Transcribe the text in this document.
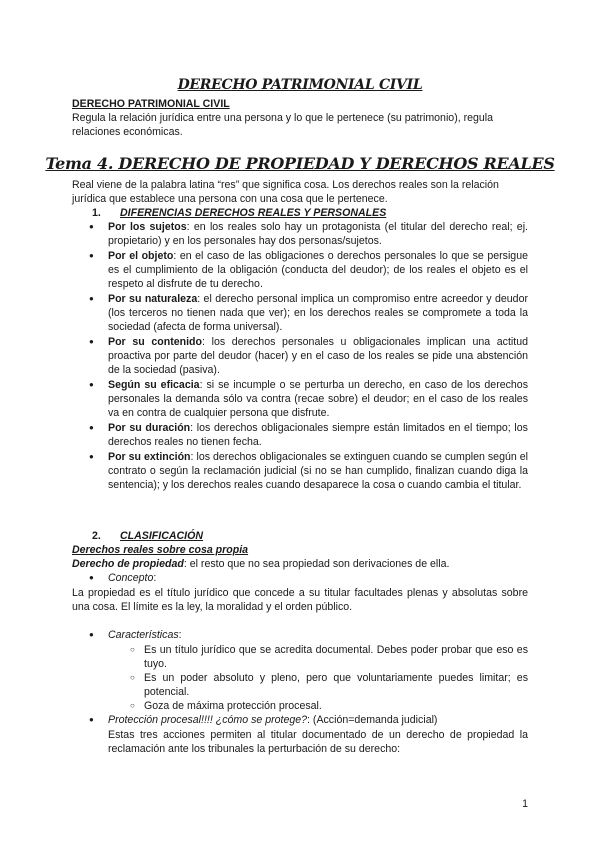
DERECHO PATRIMONIAL CIVIL
DERECHO PATRIMONIAL CIVIL
Regula la relación jurídica entre una persona y lo que le pertenece (su patrimonio), regula relaciones económicas.
Tema 4. DERECHO DE PROPIEDAD Y DERECHOS REALES
Real viene de la palabra latina “res” que significa cosa. Los derechos reales son la relación jurídica que establece una persona con una cosa que le pertenece.
1. DIFERENCIAS DERECHOS REALES Y PERSONALES
● Por los sujetos: en los reales solo hay un protagonista (el titular del derecho real; ej. propietario) y en los personales hay dos personas/sujetos.
● Por el objeto: en el caso de las obligaciones o derechos personales lo que se persigue es el cumplimiento de la obligación (conducta del deudor); de los reales el objeto es el respeto al disfrute de tu derecho.
● Por su naturaleza: el derecho personal implica un compromiso entre acreedor y deudor (los terceros no tienen nada que ver); en los derechos reales se compromete a toda la sociedad (afecta de forma universal).
● Por su contenido: los derechos personales u obligacionales implican una actitud proactiva por parte del deudor (hacer) y en el caso de los reales se pide una abstención de la sociedad (pasiva).
● Según su eficacia: si se incumple o se perturba un derecho, en caso de los derechos personales la demanda sólo va contra (recae sobre) el deudor; en el caso de los reales va en contra de cualquier persona que disfrute.
● Por su duración: los derechos obligacionales siempre están limitados en el tiempo; los derechos reales no tienen fecha.
● Por su extinción: los derechos obligacionales se extinguen cuando se cumplen según el contrato o según la reclamación judicial (si no se han cumplido, finalizan cuando diga la sentencia); y los derechos reales cuando desaparece la cosa o cuando cambia el titular.
2. CLASIFICACIÓN
Derechos reales sobre cosa propia
Derecho de propiedad: el resto que no sea propiedad son derivaciones de ella.
● Concepto:
La propiedad es el título jurídico que concede a su titular facultades plenas y absolutas sobre una cosa. El límite es la ley, la moralidad y el orden público.
● Características:
○ Es un título jurídico que se acredita documental. Debes poder probar que eso es tuyo.
○ Es un poder absoluto y pleno, pero que voluntariamente puedes limitar; es potencial.
○ Goza de máxima protección procesal.
● Protección procesal!!!! ¿cómo se protege?: (Acción=demanda judicial)
Estas tres acciones permiten al titular documentado de un derecho de propiedad la reclamación ante los tribunales la perturbación de su derecho:
1
